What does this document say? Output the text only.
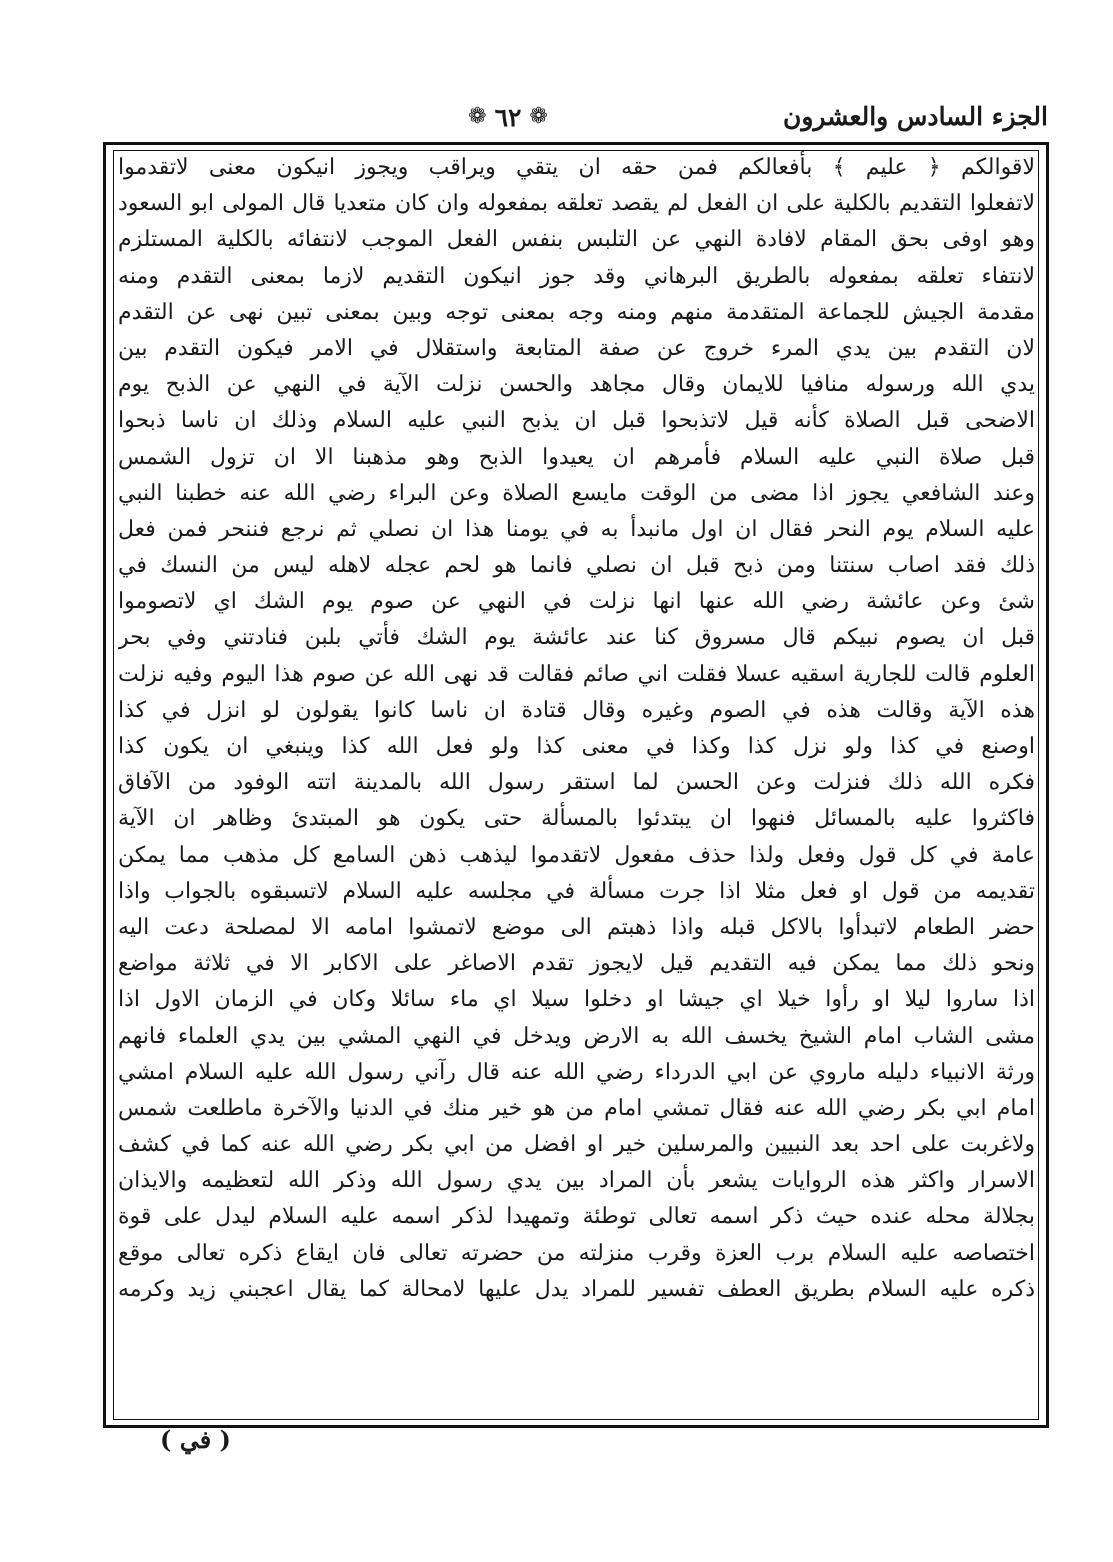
الجزء السادس والعشرون
❁ ٦٢ ❁
لاقوالكم ﴿ عليم ﴾ بأفعالكم فمن حقه ان يتقي ويراقب ويجوز انيكون معنى لاتقدموا
لاتفعلوا التقديم بالكلية على ان الفعل لم يقصد تعلقه بمفعوله وان كان متعديا قال المولى ابو السعود
وهو اوفى بحق المقام لافادة النهي عن التلبس بنفس الفعل الموجب لانتفائه بالكلية المستلزم
لانتفاء تعلقه بمفعوله بالطريق البرهاني وقد جوز انيكون التقديم لازما بمعنى التقدم ومنه
مقدمة الجيش للجماعة المتقدمة منهم ومنه وجه بمعنى توجه وبين بمعنى تبين نهى عن التقدم
لان التقدم بين يدي المرء خروج عن صفة المتابعة واستقلال في الامر فيكون التقدم بين
يدي الله ورسوله منافيا للايمان وقال مجاهد والحسن نزلت الآية في النهي عن الذبح يوم
الاضحى قبل الصلاة كأنه قيل لاتذبحوا قبل ان يذبح النبي عليه السلام وذلك ان ناسا ذبحوا
قبل صلاة النبي عليه السلام فأمرهم ان يعيدوا الذبح وهو مذهبنا الا ان تزول الشمس
وعند الشافعي يجوز اذا مضى من الوقت مايسع الصلاة وعن البراء رضي الله عنه خطبنا النبي
عليه السلام يوم النحر فقال ان اول مانبدأ به في يومنا هذا ان نصلي ثم نرجع فننحر فمن فعل
ذلك فقد اصاب سنتنا ومن ذبح قبل ان نصلي فانما هو لحم عجله لاهله ليس من النسك في
شئ وعن عائشة رضي الله عنها انها نزلت في النهي عن صوم يوم الشك اي لاتصوموا
قبل ان يصوم نبيكم قال مسروق كنا عند عائشة يوم الشك فأتي بلبن فنادتني وفي بحر
العلوم قالت للجارية اسقيه عسلا فقلت اني صائم فقالت قد نهى الله عن صوم هذا اليوم وفيه نزلت
هذه الآية وقالت هذه في الصوم وغيره وقال قتادة ان ناسا كانوا يقولون لو انزل في كذا
اوصنع في كذا ولو نزل كذا وكذا في معنى كذا ولو فعل الله كذا وينبغي ان يكون كذا
فكره الله ذلك فنزلت وعن الحسن لما استقر رسول الله بالمدينة اتته الوفود من الآفاق
فاكثروا عليه بالمسائل فنهوا ان يبتدئوا بالمسألة حتى يكون هو المبتدئ وظاهر ان الآية
عامة في كل قول وفعل ولذا حذف مفعول لاتقدموا ليذهب ذهن السامع كل مذهب مما يمكن
تقديمه من قول او فعل مثلا اذا جرت مسألة في مجلسه عليه السلام لاتسبقوه بالجواب واذا
حضر الطعام لاتبدأوا بالاكل قبله واذا ذهبتم الى موضع لاتمشوا امامه الا لمصلحة دعت اليه
ونحو ذلك مما يمكن فيه التقديم قيل لايجوز تقدم الاصاغر على الاكابر الا في ثلاثة مواضع
اذا ساروا ليلا او رأوا خيلا اي جيشا او دخلوا سيلا اي ماء سائلا وكان في الزمان الاول اذا
مشى الشاب امام الشيخ يخسف الله به الارض ويدخل في النهي المشي بين يدي العلماء فانهم
ورثة الانبياء دليله ماروي عن ابي الدرداء رضي الله عنه قال رآني رسول الله عليه السلام امشي
امام ابي بكر رضي الله عنه فقال تمشي امام من هو خير منك في الدنيا والآخرة ماطلعت شمس
ولاغربت على احد بعد النبيين والمرسلين خير او افضل من ابي بكر رضي الله عنه كما في كشف
الاسرار واكثر هذه الروايات يشعر بأن المراد بين يدي رسول الله وذكر الله لتعظيمه والايذان
بجلالة محله عنده حيث ذكر اسمه تعالى توطئة وتمهيدا لذكر اسمه عليه السلام ليدل على قوة
اختصاصه عليه السلام برب العزة وقرب منزلته من حضرته تعالى فان ايقاع ذكره تعالى موقع
ذكره عليه السلام بطريق العطف تفسير للمراد يدل عليها لامحالة كما يقال اعجبني زيد وكرمه
( في )
